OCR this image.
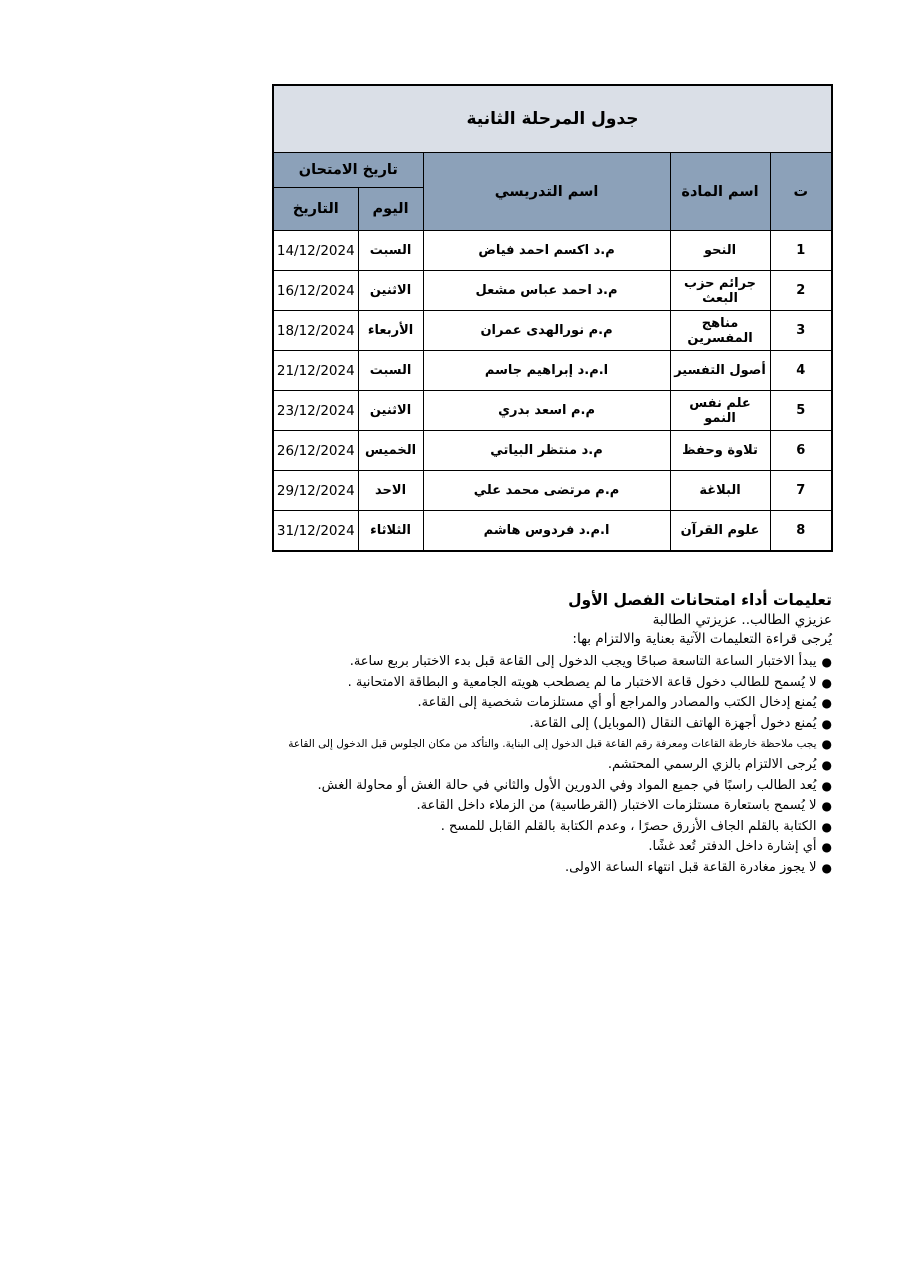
جدول المرحلة الثانية				
ت	اسم المادة	اسم التدريسي	تاريخ الامتحان	
			اليوم	التاريخ
1	النحو	م.د اكسم احمد فياض	السبت	14/12/2024
2	جرائم حزب البعث	م.د احمد عباس مشعل	الاثنين	16/12/2024
3	مناهج المفسرين	م.م نورالهدى عمران	الأربعاء	18/12/2024
4	أصول التفسير	ا.م.د إبراهيم جاسم	السبت	21/12/2024
5	علم نفس النمو	م.م اسعد بدري	الاثنين	23/12/2024
6	تلاوة وحفظ	م.د منتظر البياتي	الخميس	26/12/2024
7	البلاغة	م.م مرتضى محمد علي	الاحد	29/12/2024
8	علوم القرآن	ا.م.د فردوس هاشم	الثلاثاء	31/12/2024
تعليمات أداء امتحانات الفصل الأول
عزيزي الطالب.. عزيزتي الطالبة
يُرجى قراءة التعليمات الآتية بعناية والالتزام بها:
●يبدأ الاختبار الساعة التاسعة صباحًا ويجب الدخول إلى القاعة قبل بدء الاختبار بربع ساعة.
●لا يُسمح للطالب دخول قاعة الاختبار ما لم يصطحب هويته الجامعية و البطاقة الامتحانية .
●يُمنع إدخال الكتب والمصادر والمراجع أو أي مستلزمات شخصية إلى القاعة.
●يُمنع دخول أجهزة الهاتف النقال (الموبايل) إلى القاعة.
●يجب ملاحظة خارطة القاعات ومعرفة رقم القاعة قبل الدخول إلى البناية. والتأكد من مكان الجلوس قبل الدخول إلى القاعة
●يُرجى الالتزام بالزي الرسمي المحتشم.
●يُعد الطالب راسبًا في جميع المواد وفي الدورين الأول والثاني في حالة الغش أو محاولة الغش.
●لا يُسمح باستعارة مستلزمات الاختبار (القرطاسية) من الزملاء داخل القاعة.
●الكتابة بالقلم الجاف الأزرق حصرًا ، وعدم الكتابة بالقلم القابل للمسح .
●أي إشارة داخل الدفتر تُعد غشًا.
●لا يجوز مغادرة القاعة قبل انتهاء الساعة الاولى.
